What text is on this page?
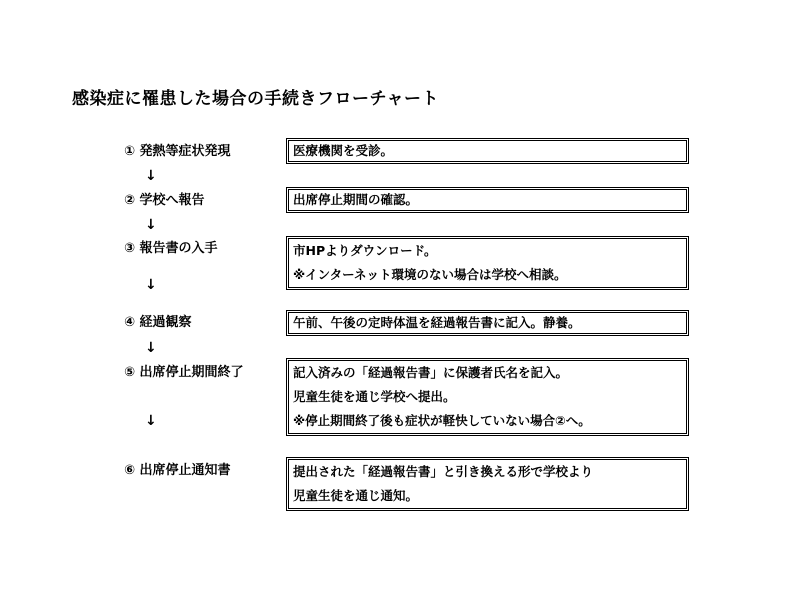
感染症に罹患した場合の手続きフローチャート
① 発熱等症状発現	医療機関を受診。
↓
② 学校へ報告	出席停止期間の確認。
↓
③ 報告書の入手	市HPよりダウンロード。
※インターネット環境のない場合は学校へ相談。
↓
④ 経過観察	午前、午後の定時体温を経過報告書に記入。静養。
↓
⑤ 出席停止期間終了	記入済みの「経過報告書」に保護者氏名を記入。
児童生徒を通じ学校へ提出。
※停止期間終了後も症状が軽快していない場合②へ。
↓
⑥ 出席停止通知書	提出された「経過報告書」と引き換える形で学校より
児童生徒を通じ通知。
